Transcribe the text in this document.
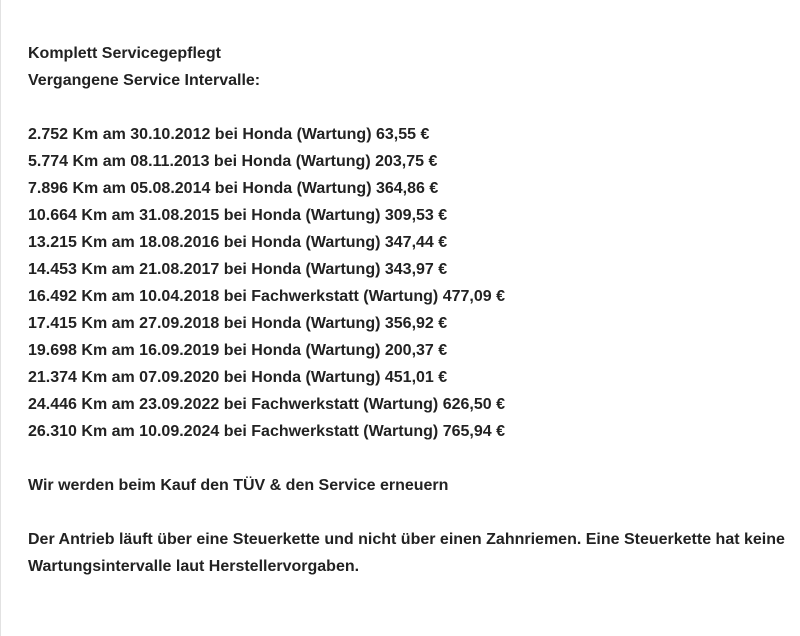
Komplett Servicegepflegt
Vergangene Service Intervalle:
2.752 Km am 30.10.2012 bei Honda (Wartung) 63,55 €
5.774 Km am 08.11.2013 bei Honda (Wartung) 203,75 €
7.896 Km am 05.08.2014 bei Honda (Wartung) 364,86 €
10.664 Km am 31.08.2015 bei Honda (Wartung) 309,53 €
13.215 Km am 18.08.2016 bei Honda (Wartung) 347,44 €
14.453 Km am 21.08.2017 bei Honda (Wartung) 343,97 €
16.492 Km am 10.04.2018 bei Fachwerkstatt (Wartung) 477,09 €
17.415 Km am 27.09.2018 bei Honda (Wartung) 356,92 €
19.698 Km am 16.09.2019 bei Honda (Wartung) 200,37 €
21.374 Km am 07.09.2020 bei Honda (Wartung) 451,01 €
24.446 Km am 23.09.2022 bei Fachwerkstatt (Wartung) 626,50 €
26.310 Km am 10.09.2024 bei Fachwerkstatt (Wartung) 765,94 €
Wir werden beim Kauf den TÜV & den Service erneuern
Der Antrieb läuft über eine Steuerkette und nicht über einen Zahnriemen. Eine Steuerkette hat keine Wartungsintervalle laut Herstellervorgaben.
